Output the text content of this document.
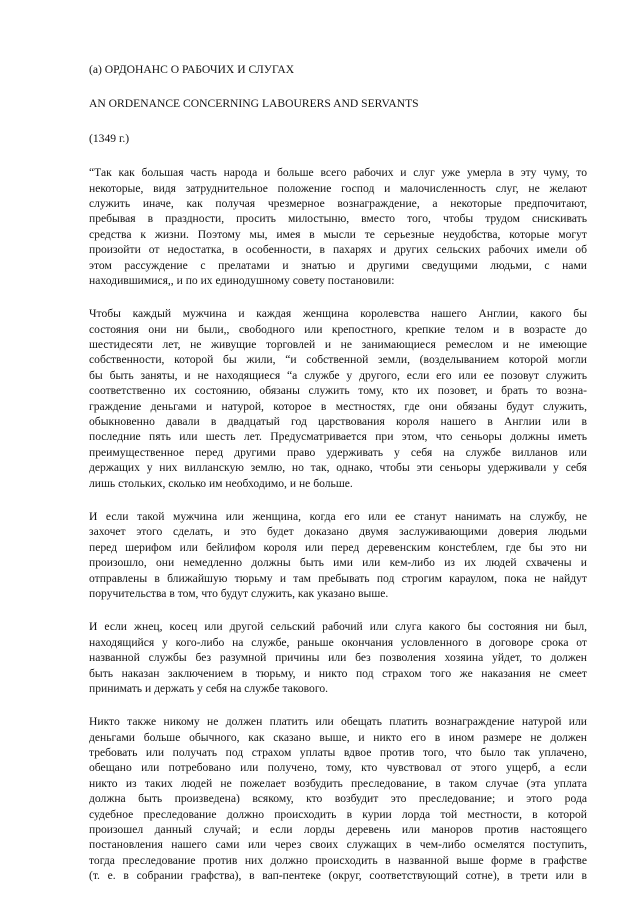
(a) ОРДОНАНС О РАБОЧИХ И СЛУГАХ
AN ORDENANCE CONCERNING LABOURERS AND SERVANTS
(1349 г.)
“Так как большая часть народа и больше всего рабочих и слуг уже умерла в эту чуму, то
некоторые, видя затруднительное положение господ и малочисленность слуг, не желают
служить иначе, как получая чрезмерное вознаграждение, а некоторые предпочитают,
пребывая в праздности, просить милостыню, вместо того, чтобы трудом снискивать
средства к жизни. Поэтому мы, имея в мысли те серьезные неудобства, которые могут
произойти от недостатка, в особенности, в пахарях и других сельских рабочих имели об
этом рассуждение с прелатами и знатью и другими сведущими людьми, с нами
находившимися,, и по их единодушному совету постановили:
Чтобы каждый мужчина и каждая женщина королевства нашего Англии, какого бы
состояния они ни были,, свободного или крепостного, крепкие телом и в возрасте до
шестидесяти лет, не живущие торговлей и не занимающиеся ремеслом и не имеющие
собственности, которой бы жили, “и собственной земли, (возделыванием которой могли
бы быть заняты, и не находящиеся “а службе у другого, если его или ее позовут служить
соответственно их состоянию, обязаны служить тому, кто их позовет, и брать то возна-
граждение деньгами и натурой, которое в местностях, где они обязаны будут служить,
обыкновенно давали в двадцатый год царствования короля нашего в Англии или в
последние пять или шесть лет. Предусматривается при этом, что сеньоры должны иметь
преимущественное перед другими право удерживать у себя на службе вилланов или
держащих у них вилланскую землю, но так, однако, чтобы эти сеньоры удерживали у себя
лишь стольких, сколько им необходимо, и не больше.
И если такой мужчина или женщина, когда его или ее станут нанимать на службу, не
захочет этого сделать, и это будет доказано двумя заслуживающими доверия людьми
перед шерифом или бейлифом короля или перед деревенским констеблем, где бы это ни
произошло, они немедленно должны быть ими или кем-либо из их людей схвачены и
отправлены в ближайшую тюрьму и там пребывать под строгим караулом, пока не найдут
поручительства в том, что будут служить, как указано выше.
И если жнец, косец или другой сельский рабочий или слуга какого бы состояния ни был,
находящийся у кого-либо на службе, раньше окончания условленного в договоре срока от
названной службы без разумной причины или без позволения хозяина уйдет, то должен
быть наказан заключением в тюрьму, и никто под страхом того же наказания не смеет
принимать и держать у себя на службе такового.
Никто также никому не должен платить или обещать платить вознаграждение натурой или
деньгами больше обычного, как сказано выше, и никто его в ином размере не должен
требовать или получать под страхом уплаты вдвое против того, что было так уплачено,
обещано или потребовано или получено, тому, кто чувствовал от этого ущерб, а если
никто из таких людей не пожелает возбудить преследование, в таком случае (эта уплата
должна быть произведена) всякому, кто возбудит это преследование; и этого рода
судебное преследование должно происходить в курии лорда той местности, в которой
произошел данный случай; и если лорды деревень или маноров против настоящего
постановления нашего сами или через своих служащих в чем-либо осмелятся поступить,
тогда преследование против них должно происходить в названной выше форме в графстве
(т. е. в собрании графства), в вап-пентеке (округ, соответствующий сотне), в трети или в
